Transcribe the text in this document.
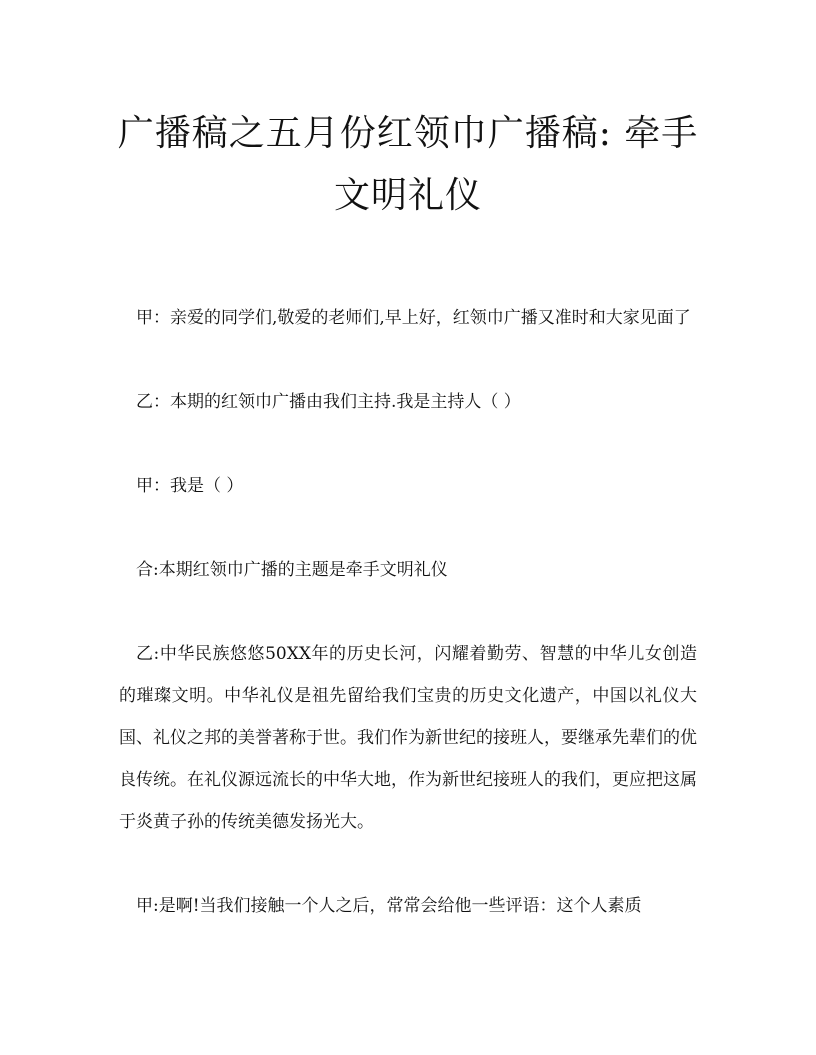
广播稿之五月份红领巾广播稿: 牵手文明礼仪

甲：亲爱的同学们,敬爱的老师们,早上好，红领巾广播又准时和大家见面了

乙：本期的红领巾广播由我们主持.我是主持人（ ）

甲：我是（ ）

合:本期红领巾广播的主题是牵手文明礼仪

乙:中华民族悠悠50XX年的历史长河，闪耀着勤劳、智慧的中华儿女创造的璀璨文明。中华礼仪是祖先留给我们宝贵的历史文化遗产，中国以礼仪大国、礼仪之邦的美誉著称于世。我们作为新世纪的接班人，要继承先辈们的优良传统。在礼仪源远流长的中华大地，作为新世纪接班人的我们，更应把这属于炎黄子孙的传统美德发扬光大。

甲:是啊!当我们接触一个人之后，常常会给他一些评语：这个人素质
